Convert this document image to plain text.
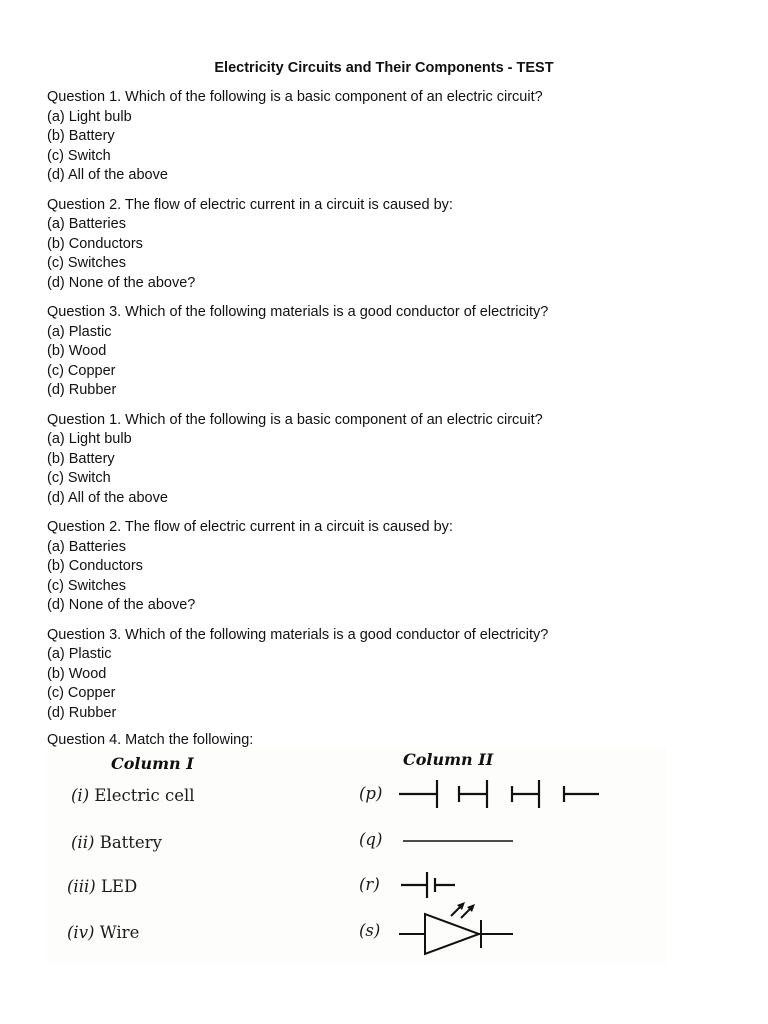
Electricity Circuits and Their Components - TEST
Question 1. Which of the following is a basic component of an electric circuit?
(a) Light bulb
(b) Battery
(c) Switch
(d) All of the above
Question 2. The flow of electric current in a circuit is caused by:
(a) Batteries
(b) Conductors
(c) Switches
(d) None of the above?
Question 3. Which of the following materials is a good conductor of electricity?
(a) Plastic
(b) Wood
(c) Copper
(d) Rubber
Question 1. Which of the following is a basic component of an electric circuit?
(a) Light bulb
(b) Battery
(c) Switch
(d) All of the above
Question 2. The flow of electric current in a circuit is caused by:
(a) Batteries
(b) Conductors
(c) Switches
(d) None of the above?
Question 3. Which of the following materials is a good conductor of electricity?
(a) Plastic
(b) Wood
(c) Copper
(d) Rubber
Question 4. Match the following:
Column I	Column II
(i) Electric cell
(ii) Battery
(iii) LED
(iv) Wire
(p)
(q)
(r)
(s)
